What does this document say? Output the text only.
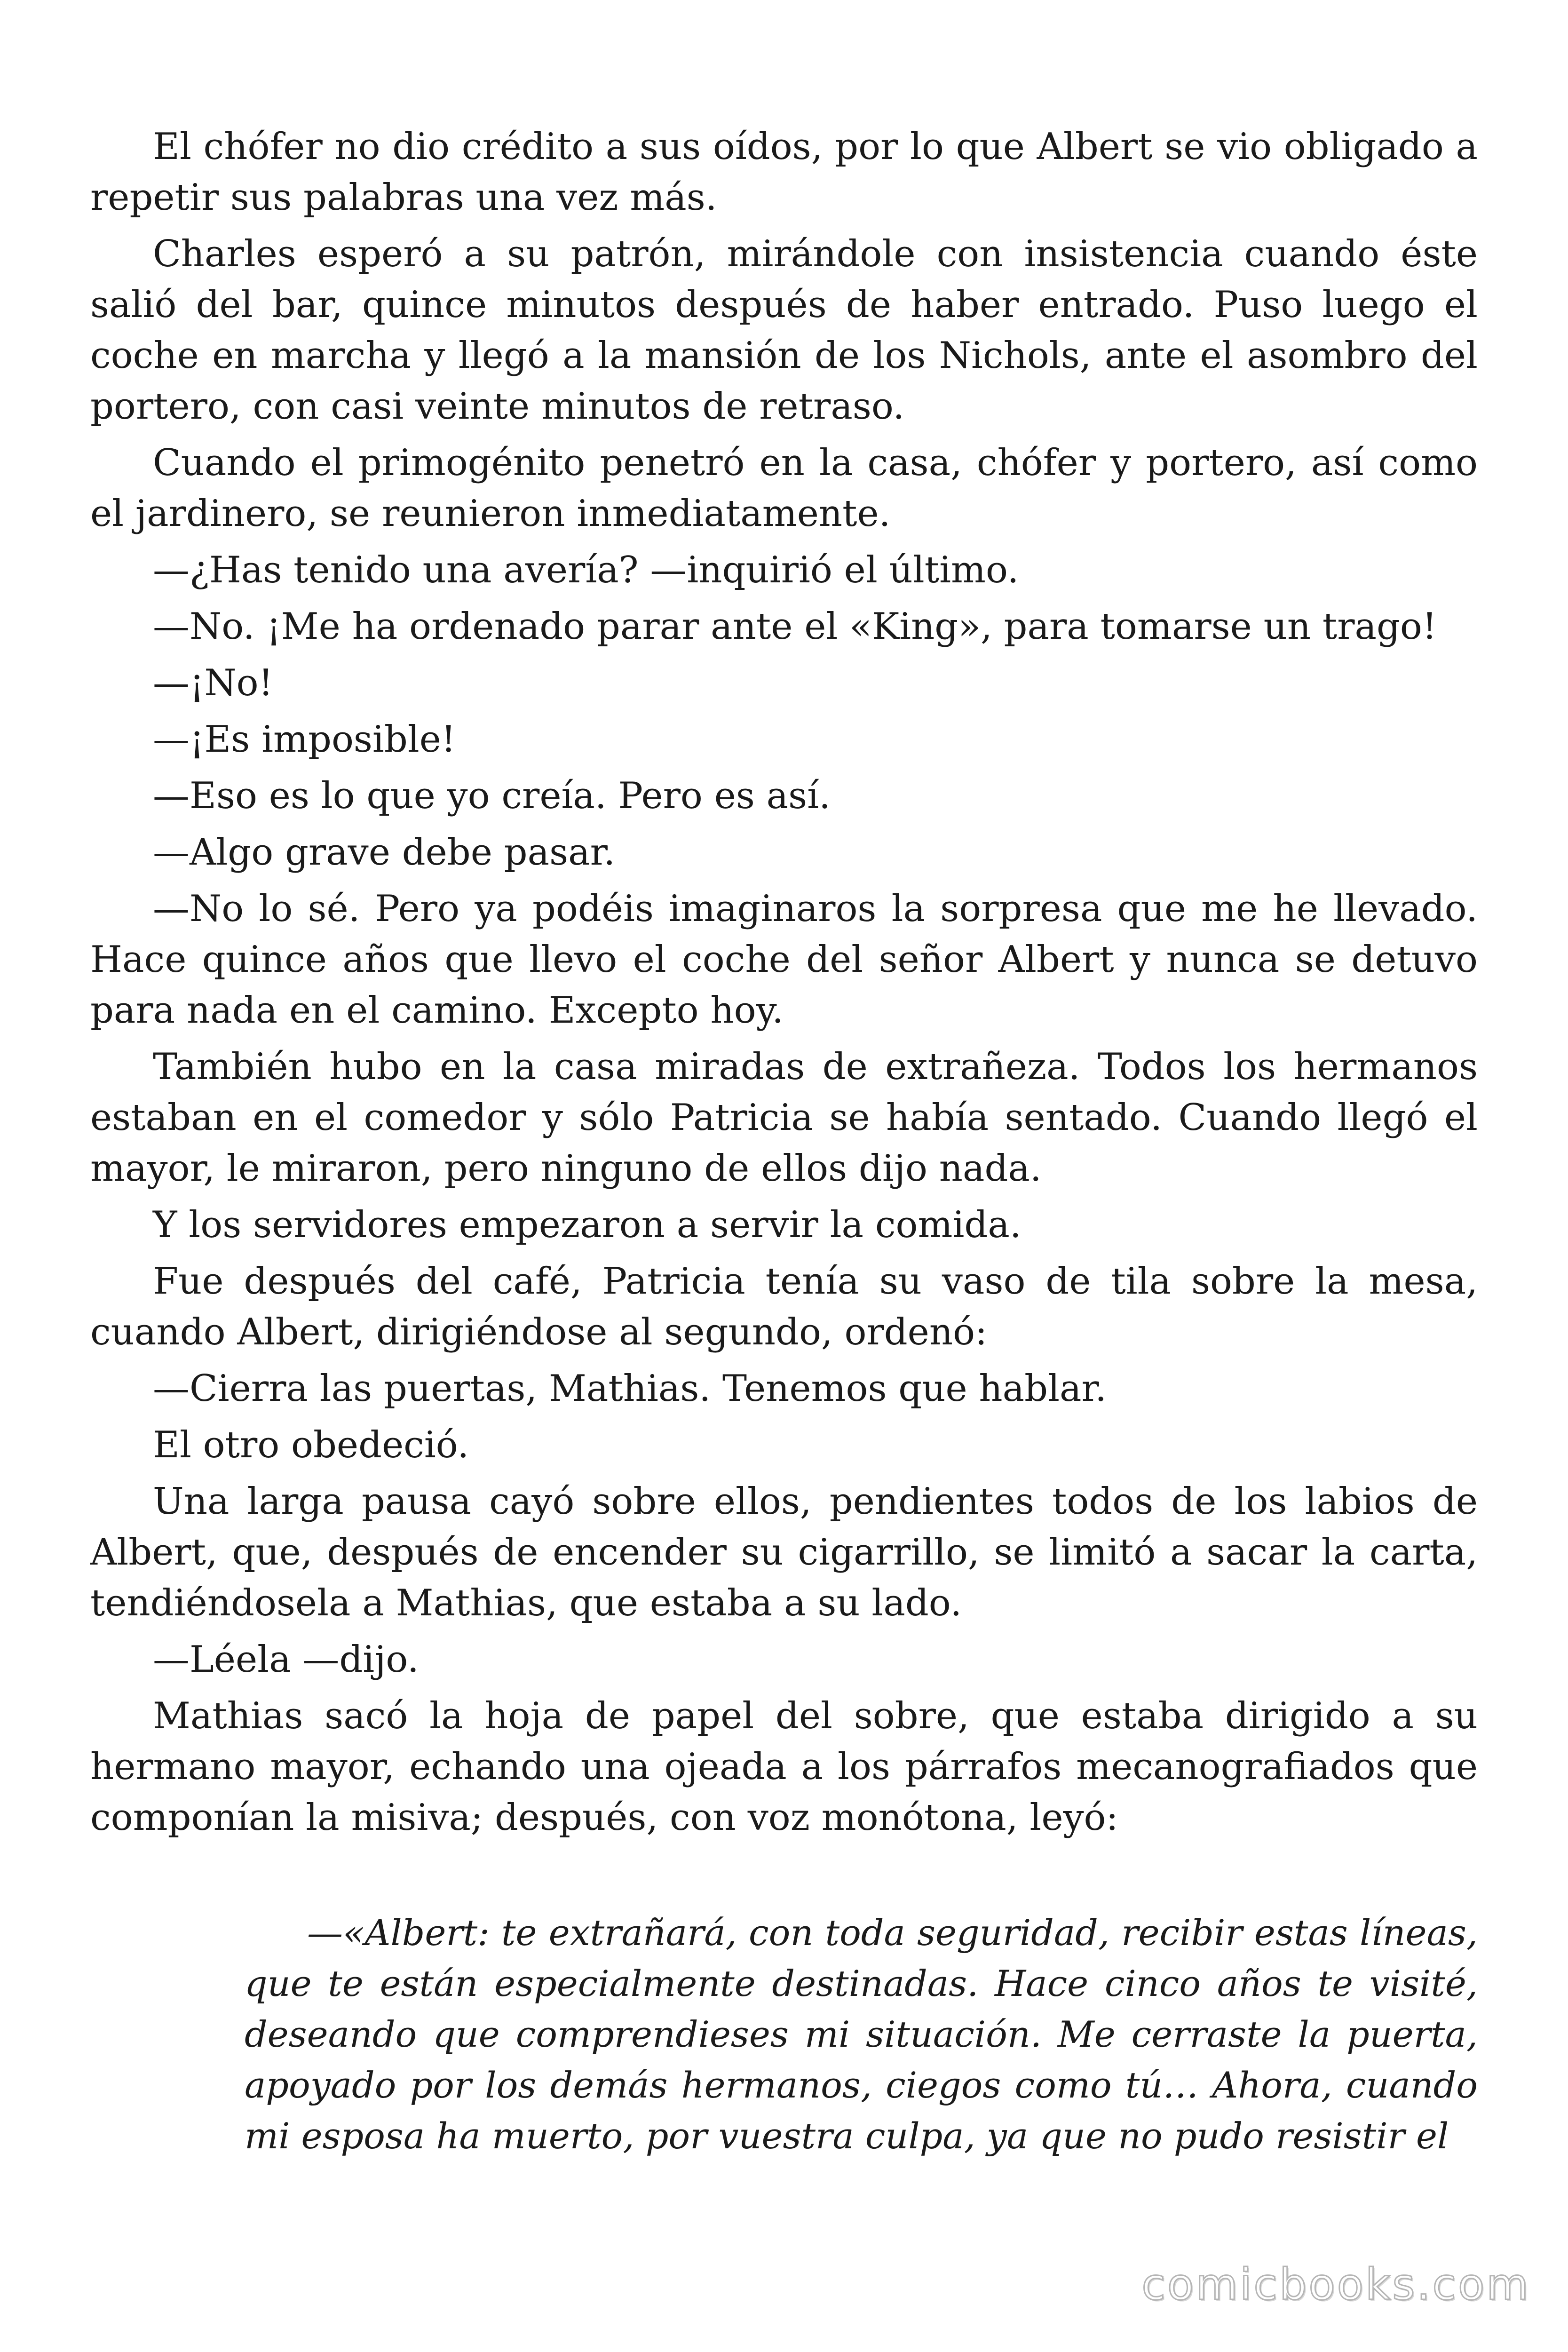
El chófer no dio crédito a sus oídos, por lo que Albert se vio obligado a repetir sus palabras una vez más.

Charles esperó a su patrón, mirándole con insistencia cuando éste salió del bar, quince minutos después de haber entrado. Puso luego el coche en marcha y llegó a la mansión de los Nichols, ante el asombro del portero, con casi veinte minutos de retraso.

Cuando el primogénito penetró en la casa, chófer y portero, así como el jardinero, se reunieron inmediatamente.

—¿Has tenido una avería? —inquirió el último.

—No. ¡Me ha ordenado parar ante el «King», para tomarse un trago!

—¡No!

—¡Es imposible!

—Eso es lo que yo creía. Pero es así.

—Algo grave debe pasar.

—No lo sé. Pero ya podéis imaginaros la sorpresa que me he llevado. Hace quince años que llevo el coche del señor Albert y nunca se detuvo para nada en el camino. Excepto hoy.

También hubo en la casa miradas de extrañeza. Todos los hermanos estaban en el comedor y sólo Patricia se había sentado. Cuando llegó el mayor, le miraron, pero ninguno de ellos dijo nada.

Y los servidores empezaron a servir la comida.

Fue después del café, Patricia tenía su vaso de tila sobre la mesa, cuando Albert, dirigiéndose al segundo, ordenó:

—Cierra las puertas, Mathias. Tenemos que hablar.

El otro obedeció.

Una larga pausa cayó sobre ellos, pendientes todos de los labios de Albert, que, después de encender su cigarrillo, se limitó a sacar la carta, tendiéndosela a Mathias, que estaba a su lado.

—Léela —dijo.

Mathias sacó la hoja de papel del sobre, que estaba dirigido a su hermano mayor, echando una ojeada a los párrafos mecanografiados que componían la misiva; después, con voz monótona, leyó:

—«Albert: te extrañará, con toda seguridad, recibir estas líneas, que te están especialmente destinadas. Hace cinco años te visité, deseando que comprendieses mi situación. Me cerraste la puerta, apoyado por los demás hermanos, ciegos como tú… Ahora, cuando mi esposa ha muerto, por vuestra culpa, ya que no pudo resistir el

comicbooks.com
